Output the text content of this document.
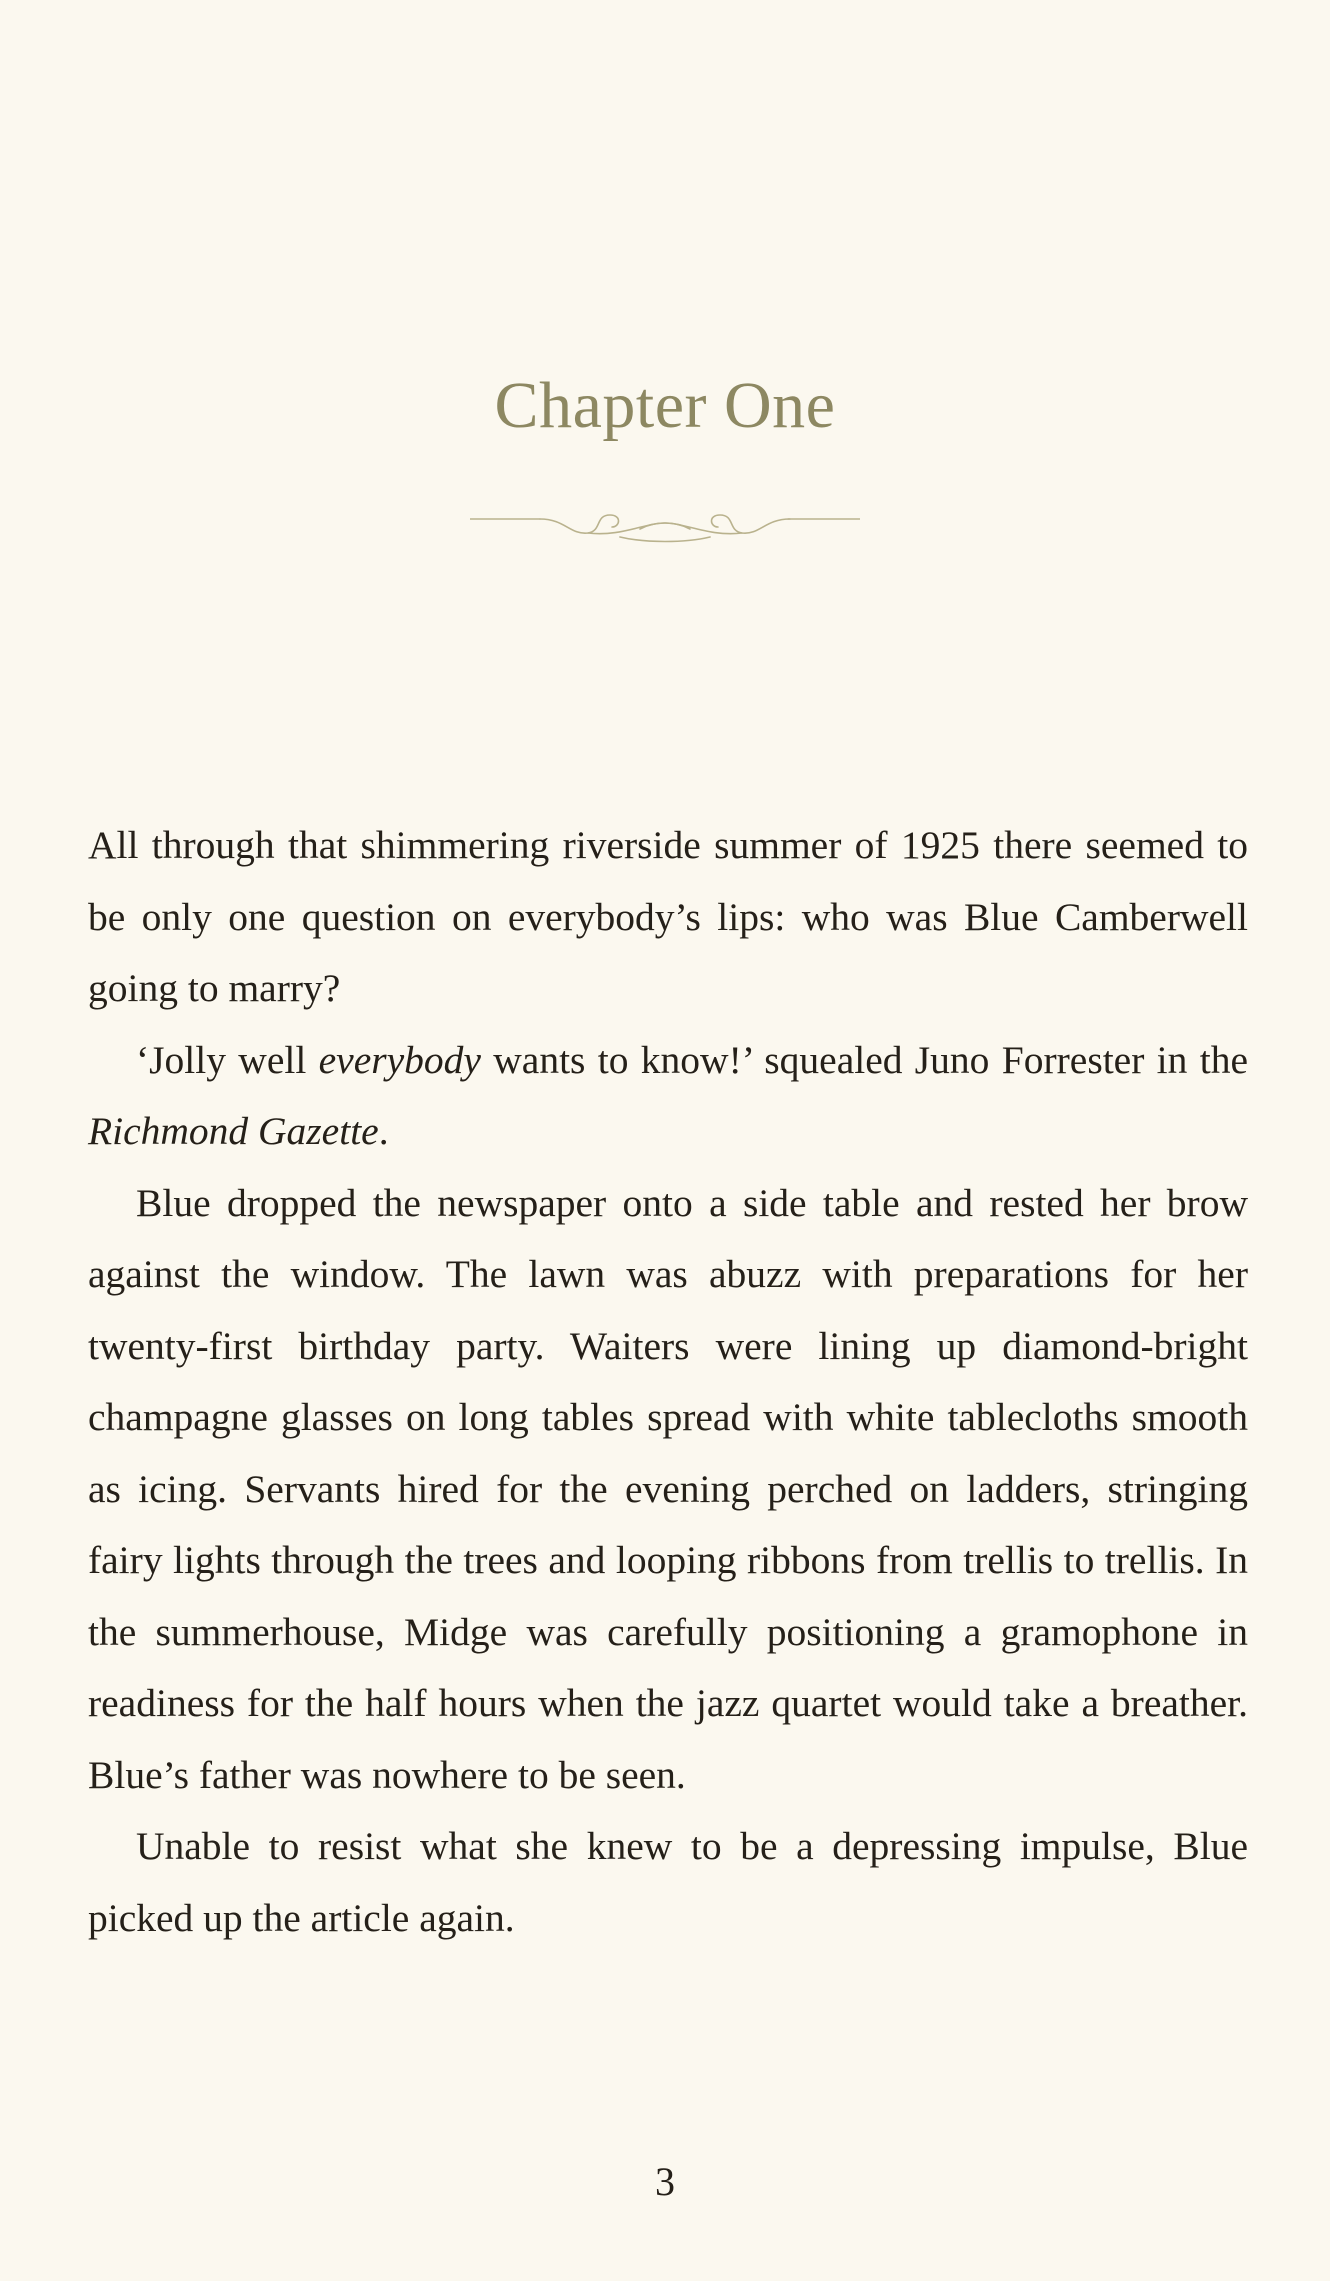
Chapter One

All through that shimmering riverside summer of 1925 there seemed to be only one question on everybody’s lips: who was Blue Camberwell going to marry?

‘Jolly well everybody wants to know!’ squealed Juno Forrester in the Richmond Gazette.

Blue dropped the newspaper onto a side table and rested her brow against the window. The lawn was abuzz with preparations for her twenty-first birthday party. Waiters were lining up diamond-bright champagne glasses on long tables spread with white tablecloths smooth as icing. Servants hired for the evening perched on ladders, stringing fairy lights through the trees and looping ribbons from trellis to trellis. In the summerhouse, Midge was carefully positioning a gramophone in readiness for the half hours when the jazz quartet would take a breather. Blue’s father was nowhere to be seen.

Unable to resist what she knew to be a depressing impulse, Blue picked up the article again.

3
